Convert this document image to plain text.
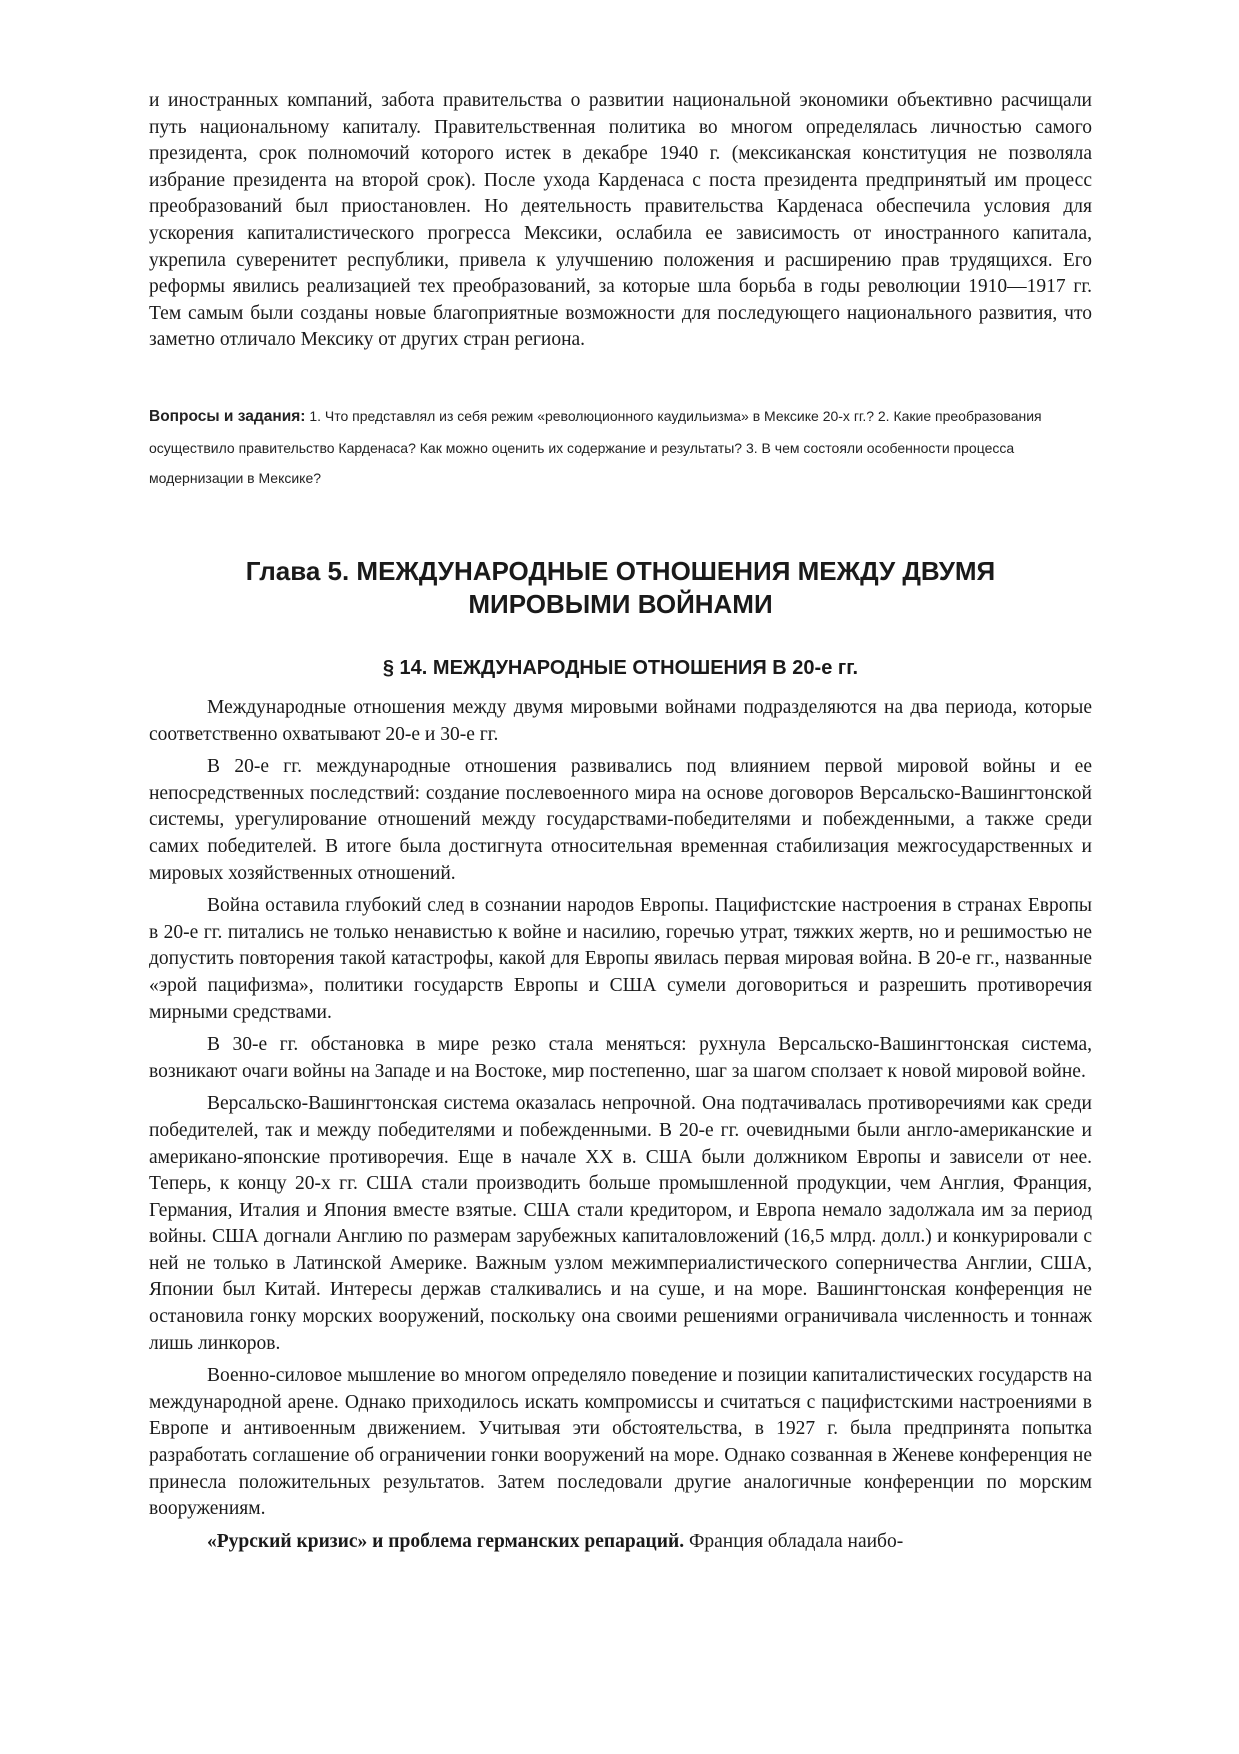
и иностранных компаний, забота правительства о развитии национальной экономики объективно расчищали путь национальному капиталу. Правительственная политика во многом определялась личностью самого президента, срок полномочий которого истек в декабре 1940 г. (мексиканская конституция не позволяла избрание президента на второй срок). После ухода Карденаса с поста президента предпринятый им процесс преобразований был приостановлен. Но деятельность правительства Карденаса обеспечила условия для ускорения капиталистического прогресса Мексики, ослабила ее зависимость от иностранного капитала, укрепила суверенитет республики, привела к улучшению положения и расширению прав трудящихся. Его реформы явились реализацией тех преобразований, за которые шла борьба в годы революции 1910—1917 гг. Тем самым были созданы новые благоприятные возможности для последующего национального развития, что заметно отличало Мексику от других стран региона.

Вопросы и задания: 1. Что представлял из себя режим «революционного каудильизма» в Мексике 20-х гг.? 2. Какие преобразования осуществило правительство Карденаса? Как можно оценить их содержание и результаты? 3. В чем состояли особенности процесса модернизации в Мексике?
Глава 5. МЕЖДУНАРОДНЫЕ ОТНОШЕНИЯ МЕЖДУ ДВУМЯ
МИРОВЫМИ ВОЙНАМИ
§ 14. МЕЖДУНАРОДНЫЕ ОТНОШЕНИЯ В 20-е гг.

Международные отношения между двумя мировыми войнами подразделяются на два периода, которые соответственно охватывают 20-е и 30-е гг.

В 20-е гг. международные отношения развивались под влиянием первой мировой войны и ее непосредственных последствий: создание послевоенного мира на основе договоров Версальско-Вашингтонской системы, урегулирование отношений между государствами-победителями и побежденными, а также среди самих победителей. В итоге была достигнута относительная временная стабилизация межгосударственных и мировых хозяйственных отношений.

Война оставила глубокий след в сознании народов Европы. Пацифистские настроения в странах Европы в 20-е гг. питались не только ненавистью к войне и насилию, горечью утрат, тяжких жертв, но и решимостью не допустить повторения такой катастрофы, какой для Европы явилась первая мировая война. В 20-е гг., названные «эрой пацифизма», политики государств Европы и США сумели договориться и разрешить противоречия мирными средствами.

В 30-е гг. обстановка в мире резко стала меняться: рухнула Версальско-Вашингтонская система, возникают очаги войны на Западе и на Востоке, мир постепенно, шаг за шагом сползает к новой мировой войне.

Версальско-Вашингтонская система оказалась непрочной. Она подтачивалась противоречиями как среди победителей, так и между победителями и побежденными. В 20-е гг. очевидными были англо-американские и американо-японские противоречия. Еще в начале XX в. США были должником Европы и зависели от нее. Теперь, к концу 20-х гг. США стали производить больше промышленной продукции, чем Англия, Франция, Германия, Италия и Япония вместе взятые. США стали кредитором, и Европа немало задолжала им за период войны. США догнали Англию по размерам зарубежных капиталовложений (16,5 млрд. долл.) и конкурировали с ней не только в Латинской Америке. Важным узлом межимпериалистического соперничества Англии, США, Японии был Китай. Интересы держав сталкивались и на суше, и на море. Вашингтонская конференция не остановила гонку морских вооружений, поскольку она своими решениями ограничивала численность и тоннаж лишь линкоров.

Военно-силовое мышление во многом определяло поведение и позиции капиталистических государств на международной арене. Однако приходилось искать компромиссы и считаться с пацифистскими настроениями в Европе и антивоенным движением. Учитывая эти обстоятельства, в 1927 г. была предпринята попытка разработать соглашение об ограничении гонки вооружений на море. Однако созванная в Женеве конференция не принесла положительных результатов. Затем последовали другие аналогичные конференции по морским вооружениям.

«Рурский кризис» и проблема германских репараций. Франция обладала наибо-
